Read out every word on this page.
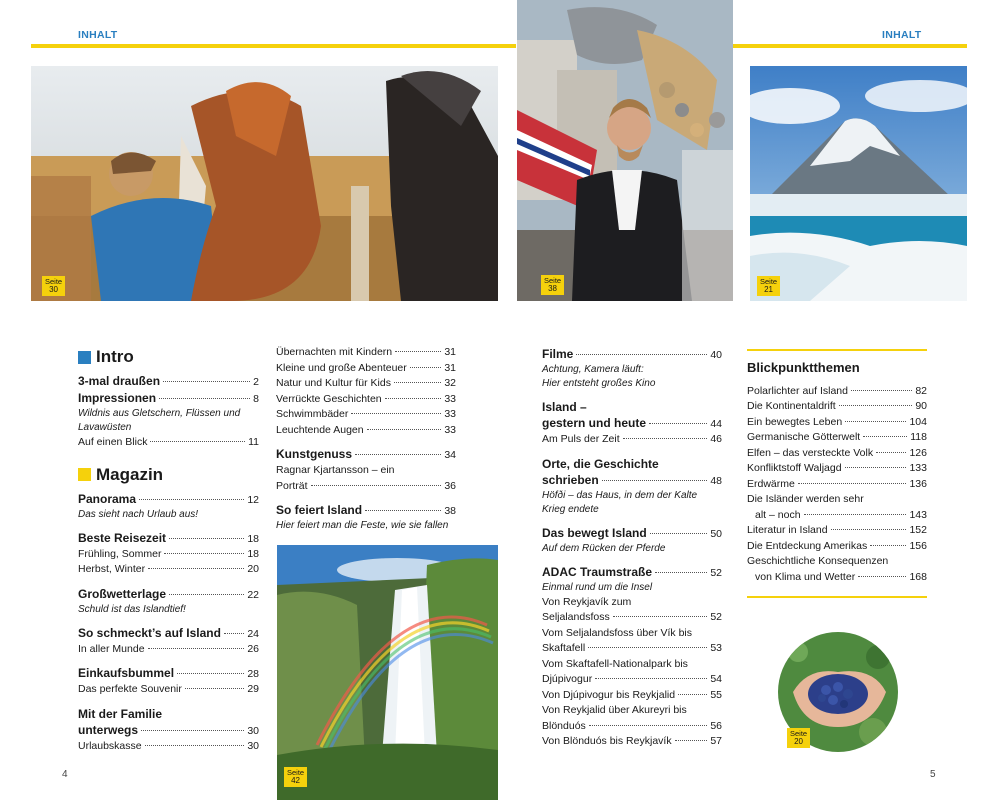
INHALT	INHALT
Seite
30
Seite
38
Seite
21
Seite
42
Seite
20
Intro
3-mal draußen	2
Impressionen	8
Wildnis aus Gletschern, Flüssen und
Lavawüsten
Auf einen Blick	11
Magazin
Panorama	12
Das sieht nach Urlaub aus!
Beste Reisezeit	18
Frühling, Sommer	18
Herbst, Winter	20
Großwetterlage	22
Schuld ist das Islandtief!
So schmeckt’s auf Island	24
In aller Munde	26
Einkaufsbummel	28
Das perfekte Souvenir	29
Mit der Familie
unterwegs	30
Urlaubskasse	30
Übernachten mit Kindern	31
Kleine und große Abenteuer	31
Natur und Kultur für Kids	32
Verrückte Geschichten	33
Schwimmbäder	33
Leuchtende Augen	33
Kunstgenuss	34
Ragnar Kjartansson – ein
Porträt	36
So feiert Island	38
Hier feiert man die Feste, wie sie fallen
Filme	40
Achtung, Kamera läuft:
Hier entsteht großes Kino
Island –
gestern und heute	44
Am Puls der Zeit	46
Orte, die Geschichte
schrieben	48
Höfði – das Haus, in dem der Kalte
Krieg endete
Das bewegt Island	50
Auf dem Rücken der Pferde
ADAC Traumstraße	52
Einmal rund um die Insel
Von Reykjavík zum
Seljalandsfoss	52
Vom Seljalandsfoss über Vík bis
Skaftafell	53
Vom Skaftafell-Nationalpark bis
Djúpivogur	54
Von Djúpivogur bis Reykjalid	55
Von Reykjalid über Akureyri bis
Blönduós	56
Von Blönduós bis Reykjavík	57
Blickpunktthemen
Polarlichter auf Island	82
Die Kontinentaldrift	90
Ein bewegtes Leben	104
Germanische Götterwelt	118
Elfen – das versteckte Volk	126
Konfliktstoff Waljagd	133
Erdwärme	136
Die Isländer werden sehr
alt – noch	143
Literatur in Island	152
Die Entdeckung Amerikas	156
Geschichtliche Konsequenzen
von Klima und Wetter	168
4	5
